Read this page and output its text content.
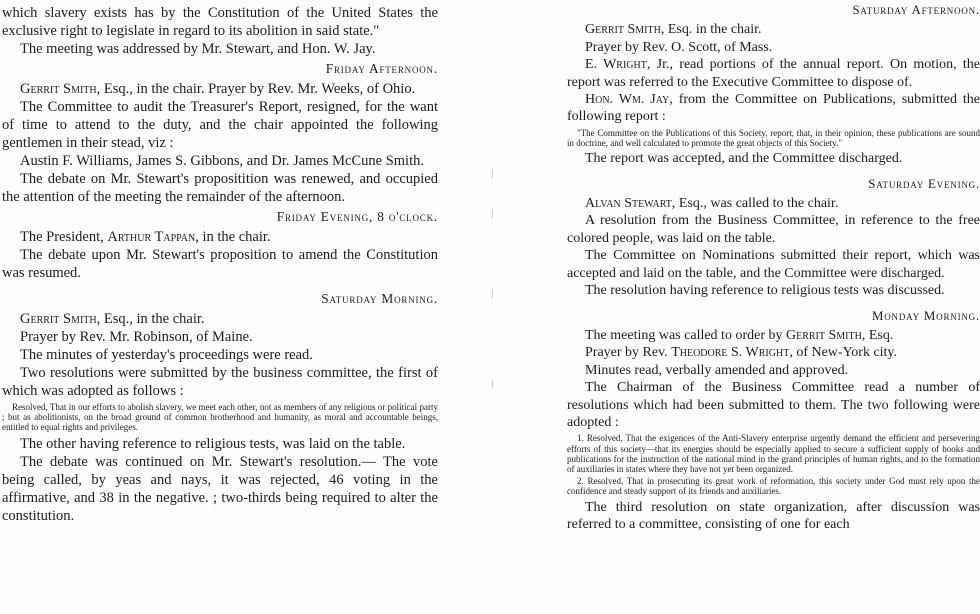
which slavery exists has by the Constitution of the United States the exclusive right to legislate in regard to its abolition in said state."

The meeting was addressed by Mr. Stewart, and Hon. W. Jay.

Friday Afternoon.

Gerrit Smith, Esq., in the chair. Prayer by Rev. Mr. Weeks, of Ohio.

The Committee to audit the Treasurer's Report, resigned, for the want of time to attend to the duty, and the chair appointed the following gentlemen in their stead, viz :

Austin F. Williams, James S. Gibbons, and Dr. James McCune Smith.

The debate on Mr. Stewart's propositition was renewed, and occupied the attention of the meeting the remainder of the afternoon.

Friday Evening, 8 o'clock.

The President, Arthur Tappan, in the chair.

The debate upon Mr. Stewart's proposition to amend the Constitution was resumed.

Saturday Morning.

Gerrit Smith, Esq., in the chair.

Prayer by Rev. Mr. Robinson, of Maine.

The minutes of yesterday's proceedings were read.

Two resolutions were submitted by the business committee, the first of which was adopted as follows :

Resolved, That in our efforts to abolish slavery, we meet each other, not as members of any religious or political party ; but as abolitionists, on the broad ground of common brotherhood and humanity, as moral and accountable beings, entitled to equal rights and privileges.

The other having reference to religious tests, was laid on the table.

The debate was continued on Mr. Stewart's resolution.— The vote being called, by yeas and nays, it was rejected, 46 voting in the affirmative, and 38 in the negative. ; two-thirds being required to alter the constitution.

Saturday Afternoon.

Gerrit Smith, Esq. in the chair.

Prayer by Rev. O. Scott, of Mass.

E. Wright, Jr., read portions of the annual report. On motion, the report was referred to the Executive Committee to dispose of.

Hon. Wm. Jay, from the Committee on Publications, submitted the following report :

"The Committee on the Publications of this Society, report, that, in their opinion, these publications are sound in doctrine, and well calculated to promote the great objects of this Society."

The report was accepted, and the Committee discharged.

Saturday Evening.

Alvan Stewart, Esq., was called to the chair.

A resolution from the Business Committee, in reference to the free colored people, was laid on the table.

The Committee on Nominations submitted their report, which was accepted and laid on the table, and the Committee were discharged.

The resolution having reference to religious tests was discussed.

Monday Morning.

The meeting was called to order by Gerrit Smith, Esq.

Prayer by Rev. Theodore S. Wright, of New-York city.

Minutes read, verbally amended and approved.

The Chairman of the Business Committee read a number of resolutions which had been submitted to them. The two following were adopted :

1. Resolved, That the exigences of the Anti-Slavery enterprise urgently demand the efficient and persevering efforts of this society—that its energies should be especially applied to secure a sufficient supply of books and publications for the instruction of the national mind in the grand principles of human rights, and to the formation of auxiliaries in states where they have not yet been organized.

2. Resolved, That in prosecuting its great work of reformation, this society under God must rely upon the confidence and steady support of its friends and auxiliaries.

The third resolution on state organization, after discussion was referred to a committee, consisting of one for each
